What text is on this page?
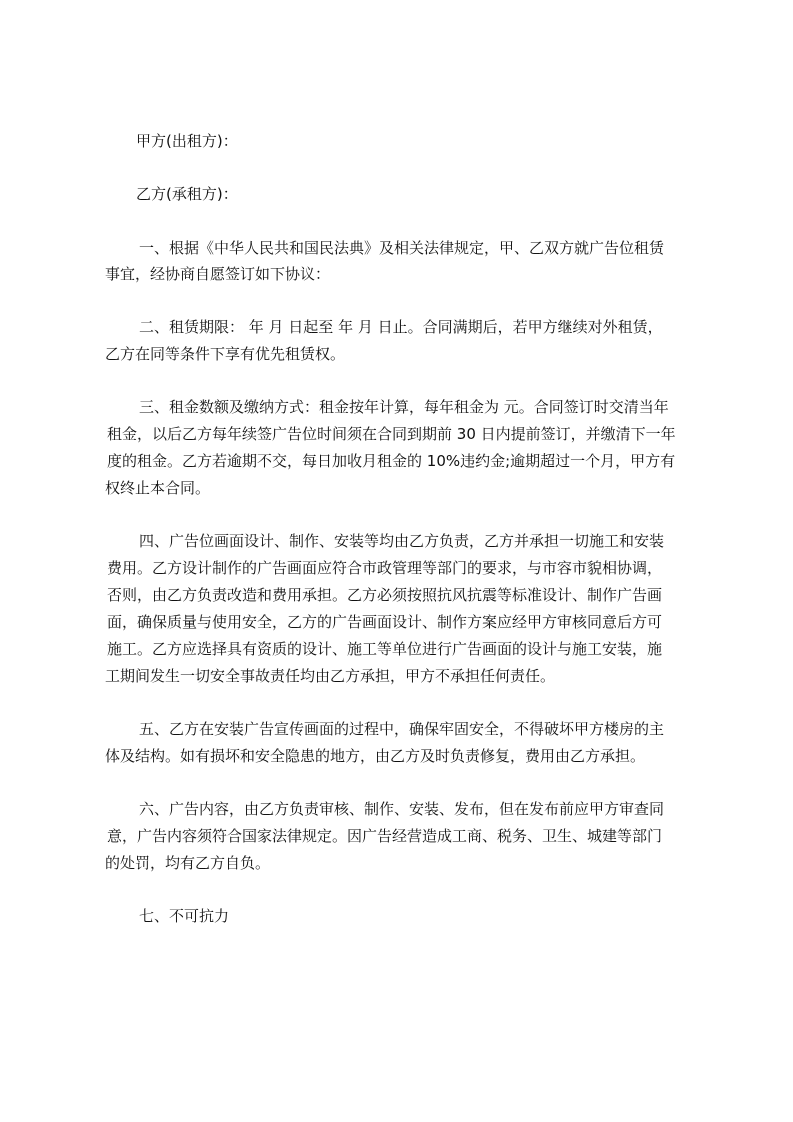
甲方(出租方)：
乙方(承租方)：
一、根据《中华人民共和国民法典》及相关法律规定，甲、乙双方就广告位租赁
事宜，经协商自愿签订如下协议：
二、租赁期限： 年 月 日起至 年 月 日止。合同满期后，若甲方继续对外租赁，
乙方在同等条件下享有优先租赁权。
三、租金数额及缴纳方式：租金按年计算，每年租金为 元。合同签订时交清当年
租金，以后乙方每年续签广告位时间须在合同到期前 30 日内提前签订，并缴清下一年
度的租金。乙方若逾期不交，每日加收月租金的 10%违约金;逾期超过一个月，甲方有
权终止本合同。
四、广告位画面设计、制作、安装等均由乙方负责，乙方并承担一切施工和安装
费用。乙方设计制作的广告画面应符合市政管理等部门的要求，与市容市貌相协调，
否则，由乙方负责改造和费用承担。乙方必须按照抗风抗震等标准设计、制作广告画
面，确保质量与使用安全，乙方的广告画面设计、制作方案应经甲方审核同意后方可
施工。乙方应选择具有资质的设计、施工等单位进行广告画面的设计与施工安装，施
工期间发生一切安全事故责任均由乙方承担，甲方不承担任何责任。
五、乙方在安装广告宣传画面的过程中，确保牢固安全，不得破坏甲方楼房的主
体及结构。如有损坏和安全隐患的地方，由乙方及时负责修复，费用由乙方承担。
六、广告内容，由乙方负责审核、制作、安装、发布，但在发布前应甲方审查同
意，广告内容须符合国家法律规定。因广告经营造成工商、税务、卫生、城建等部门
的处罚，均有乙方自负。
七、不可抗力
